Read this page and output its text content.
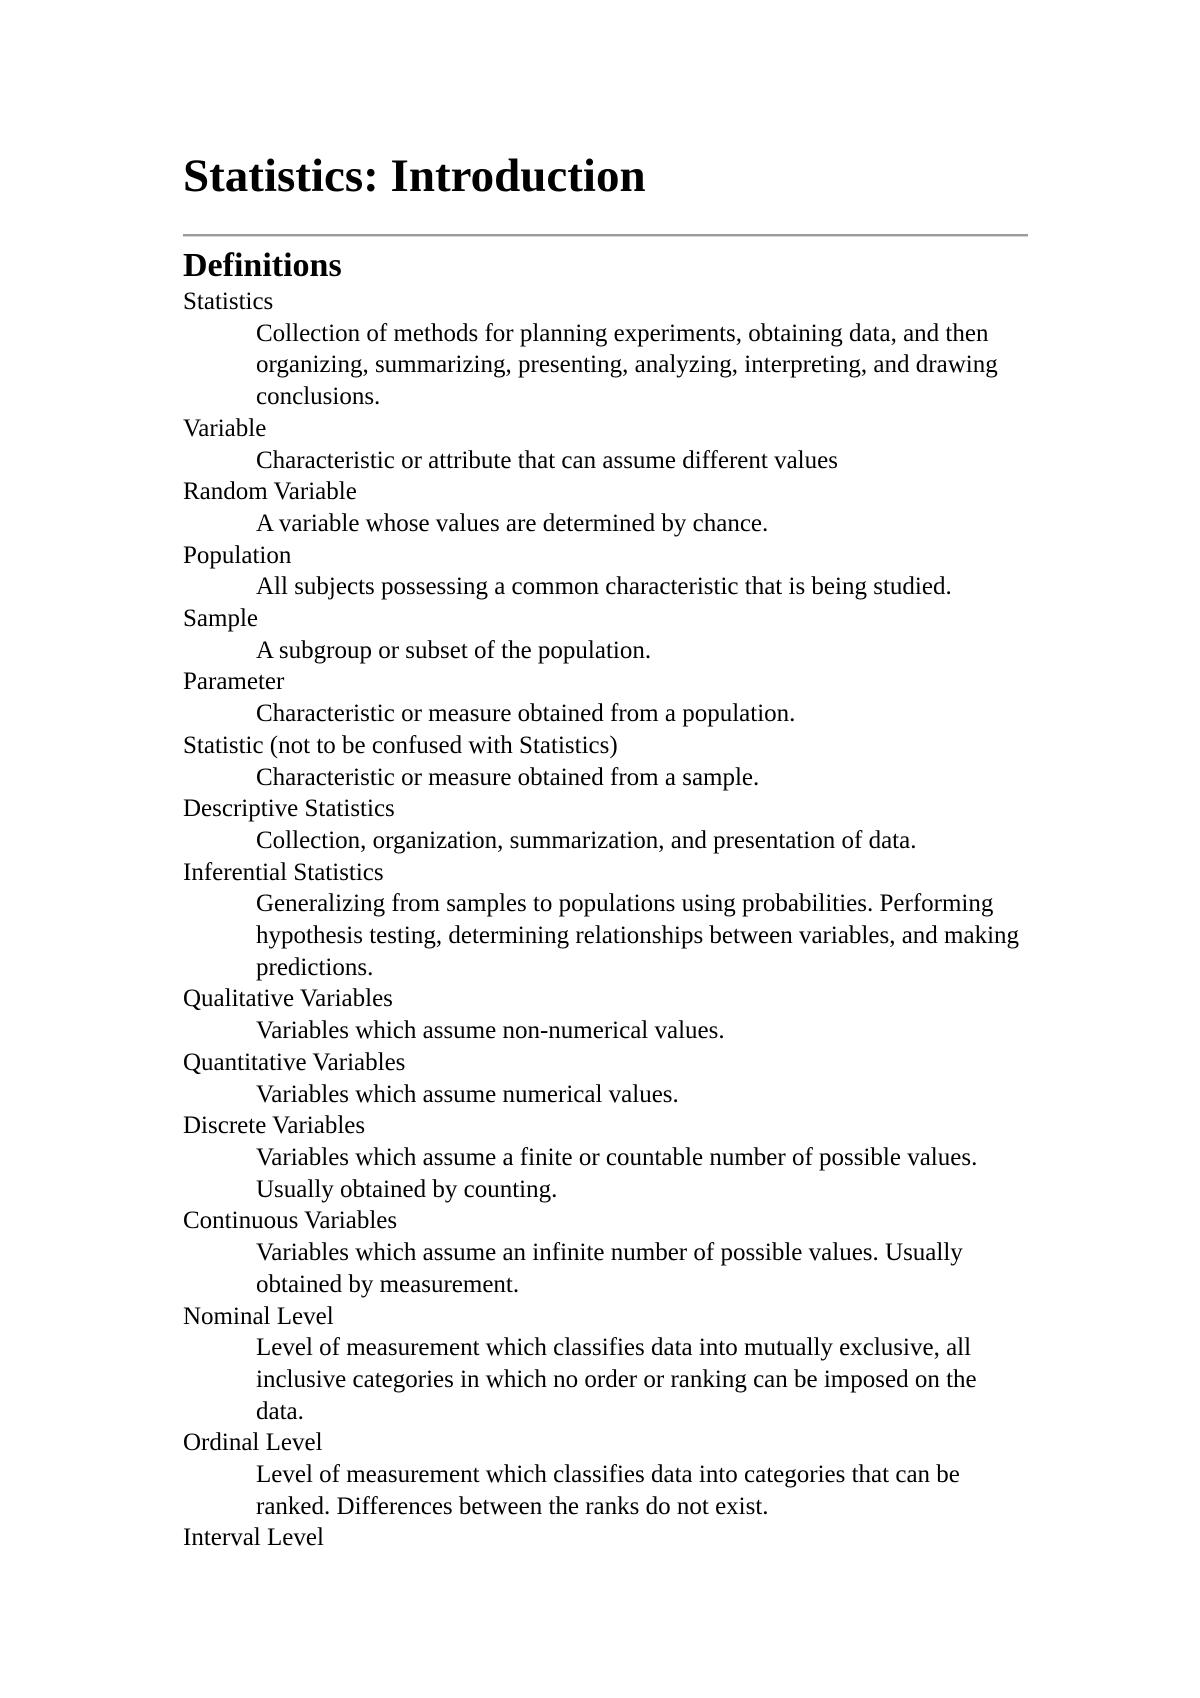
Statistics: Introduction
Definitions
Statistics
Collection of methods for planning experiments, obtaining data, and then organizing, summarizing, presenting, analyzing, interpreting, and drawing conclusions.
Variable
Characteristic or attribute that can assume different values
Random Variable
A variable whose values are determined by chance.
Population
All subjects possessing a common characteristic that is being studied.
Sample
A subgroup or subset of the population.
Parameter
Characteristic or measure obtained from a population.
Statistic (not to be confused with Statistics)
Characteristic or measure obtained from a sample.
Descriptive Statistics
Collection, organization, summarization, and presentation of data.
Inferential Statistics
Generalizing from samples to populations using probabilities. Performing hypothesis testing, determining relationships between variables, and making predictions.
Qualitative Variables
Variables which assume non-numerical values.
Quantitative Variables
Variables which assume numerical values.
Discrete Variables
Variables which assume a finite or countable number of possible values. Usually obtained by counting.
Continuous Variables
Variables which assume an infinite number of possible values. Usually obtained by measurement.
Nominal Level
Level of measurement which classifies data into mutually exclusive, all inclusive categories in which no order or ranking can be imposed on the data.
Ordinal Level
Level of measurement which classifies data into categories that can be ranked. Differences between the ranks do not exist.
Interval Level
